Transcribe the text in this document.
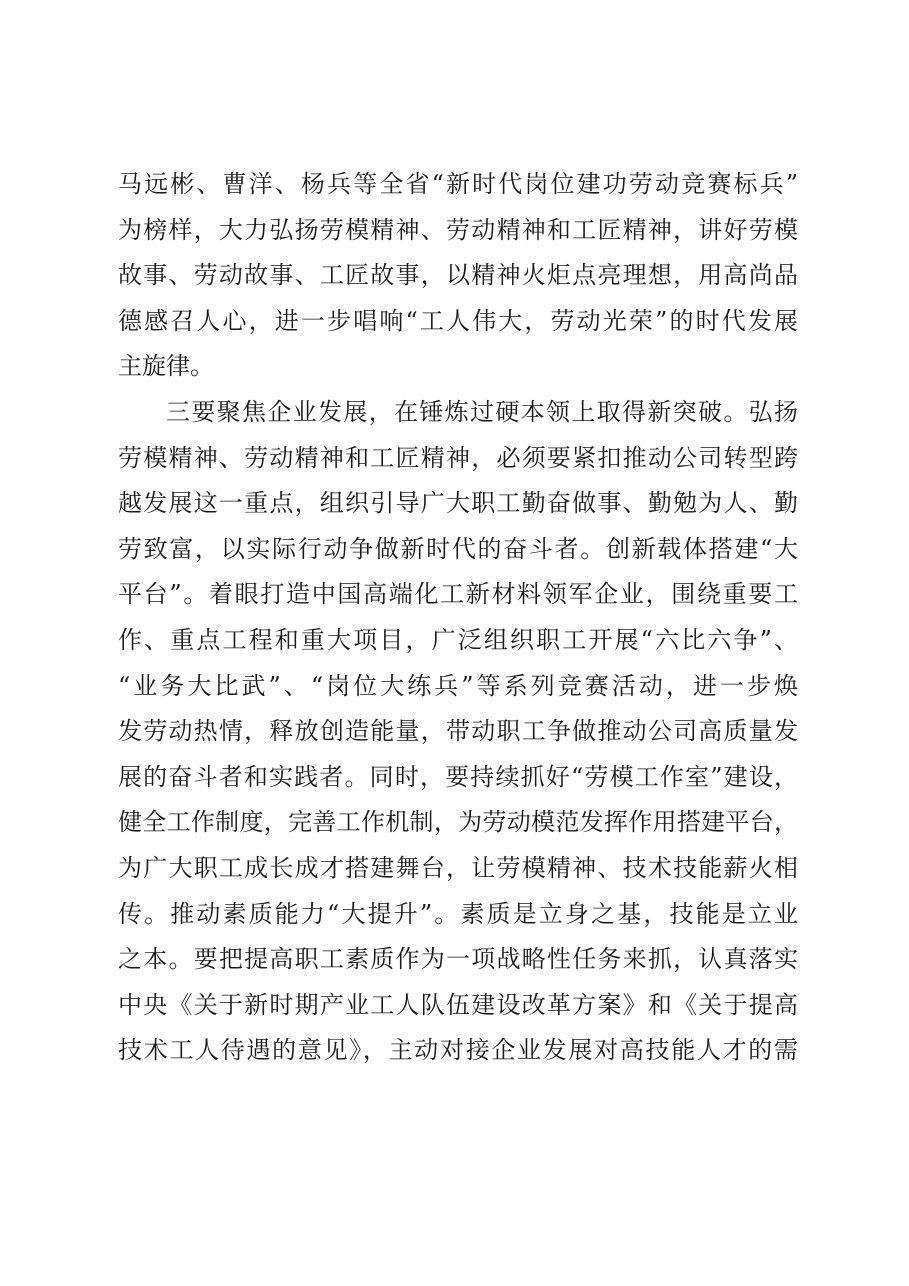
马远彬、曹洋、杨兵等全省“新时代岗位建功劳动竞赛标兵”
为榜样，大力弘扬劳模精神、劳动精神和工匠精神，讲好劳模
故事、劳动故事、工匠故事，以精神火炬点亮理想，用高尚品
德感召人心，进一步唱响“工人伟大，劳动光荣”的时代发展
主旋律。
三要聚焦企业发展，在锤炼过硬本领上取得新突破。弘扬
劳模精神、劳动精神和工匠精神，必须要紧扣推动公司转型跨
越发展这一重点，组织引导广大职工勤奋做事、勤勉为人、勤
劳致富，以实际行动争做新时代的奋斗者。创新载体搭建“大
平台”。着眼打造中国高端化工新材料领军企业，围绕重要工
作、重点工程和重大项目，广泛组织职工开展“六比六争”、
“业务大比武”、“岗位大练兵”等系列竞赛活动，进一步焕
发劳动热情，释放创造能量，带动职工争做推动公司高质量发
展的奋斗者和实践者。同时，要持续抓好“劳模工作室”建设，
健全工作制度，完善工作机制，为劳动模范发挥作用搭建平台，
为广大职工成长成才搭建舞台，让劳模精神、技术技能薪火相
传。推动素质能力“大提升”。素质是立身之基，技能是立业
之本。要把提高职工素质作为一项战略性任务来抓，认真落实
中央《关于新时期产业工人队伍建设改革方案》和《关于提高
技术工人待遇的意见》，主动对接企业发展对高技能人才的需
